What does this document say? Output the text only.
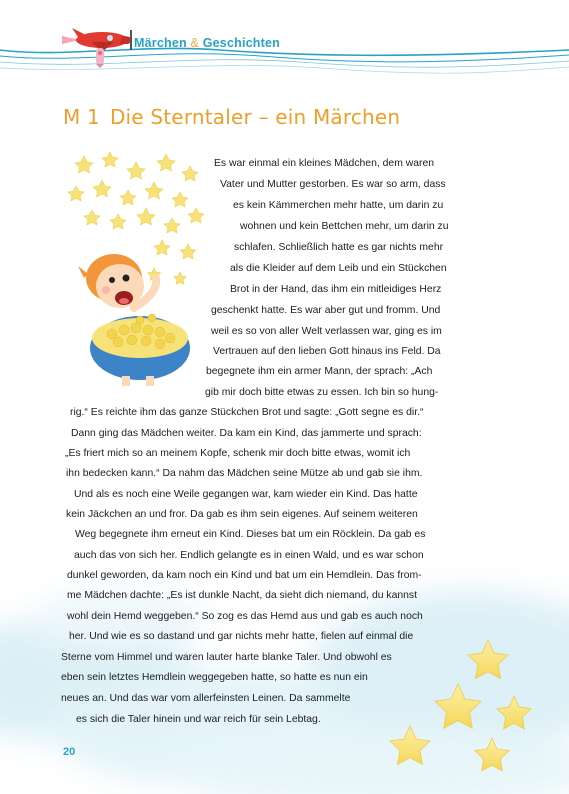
Märchen & Geschichten
M 1 Die Sterntaler – ein Märchen
Es war einmal ein kleines Mädchen, dem waren
Vater und Mutter gestorben. Es war so arm, dass
es kein Kämmerchen mehr hatte, um darin zu
wohnen und kein Bettchen mehr, um darin zu
schlafen. Schließlich hatte es gar nichts mehr
als die Kleider auf dem Leib und ein Stückchen
Brot in der Hand, das ihm ein mitleidiges Herz
geschenkt hatte. Es war aber gut und fromm. Und
weil es so von aller Welt verlassen war, ging es im
Vertrauen auf den lieben Gott hinaus ins Feld. Da
begegnete ihm ein armer Mann, der sprach: „Ach
gib mir doch bitte etwas zu essen. Ich bin so hung-
rig.“ Es reichte ihm das ganze Stückchen Brot und sagte: „Gott segne es dir.“
Dann ging das Mädchen weiter. Da kam ein Kind, das jammerte und sprach:
„Es friert mich so an meinem Kopfe, schenk mir doch bitte etwas, womit ich
ihn bedecken kann.“ Da nahm das Mädchen seine Mütze ab und gab sie ihm.
Und als es noch eine Weile gegangen war, kam wieder ein Kind. Das hatte
kein Jäckchen an und fror. Da gab es ihm sein eigenes. Auf seinem weiteren
Weg begegnete ihm erneut ein Kind. Dieses bat um ein Röcklein. Da gab es
auch das von sich her. Endlich gelangte es in einen Wald, und es war schon
dunkel geworden, da kam noch ein Kind und bat um ein Hemdlein. Das from-
me Mädchen dachte: „Es ist dunkle Nacht, da sieht dich niemand, du kannst
wohl dein Hemd weggeben.“ So zog es das Hemd aus und gab es auch noch
her. Und wie es so dastand und gar nichts mehr hatte, fielen auf einmal die
Sterne vom Himmel und waren lauter harte blanke Taler. Und obwohl es
eben sein letztes Hemdlein weggegeben hatte, so hatte es nun ein
neues an. Und das war vom allerfeinsten Leinen. Da sammelte
es sich die Taler hinein und war reich für sein Lebtag.
20
